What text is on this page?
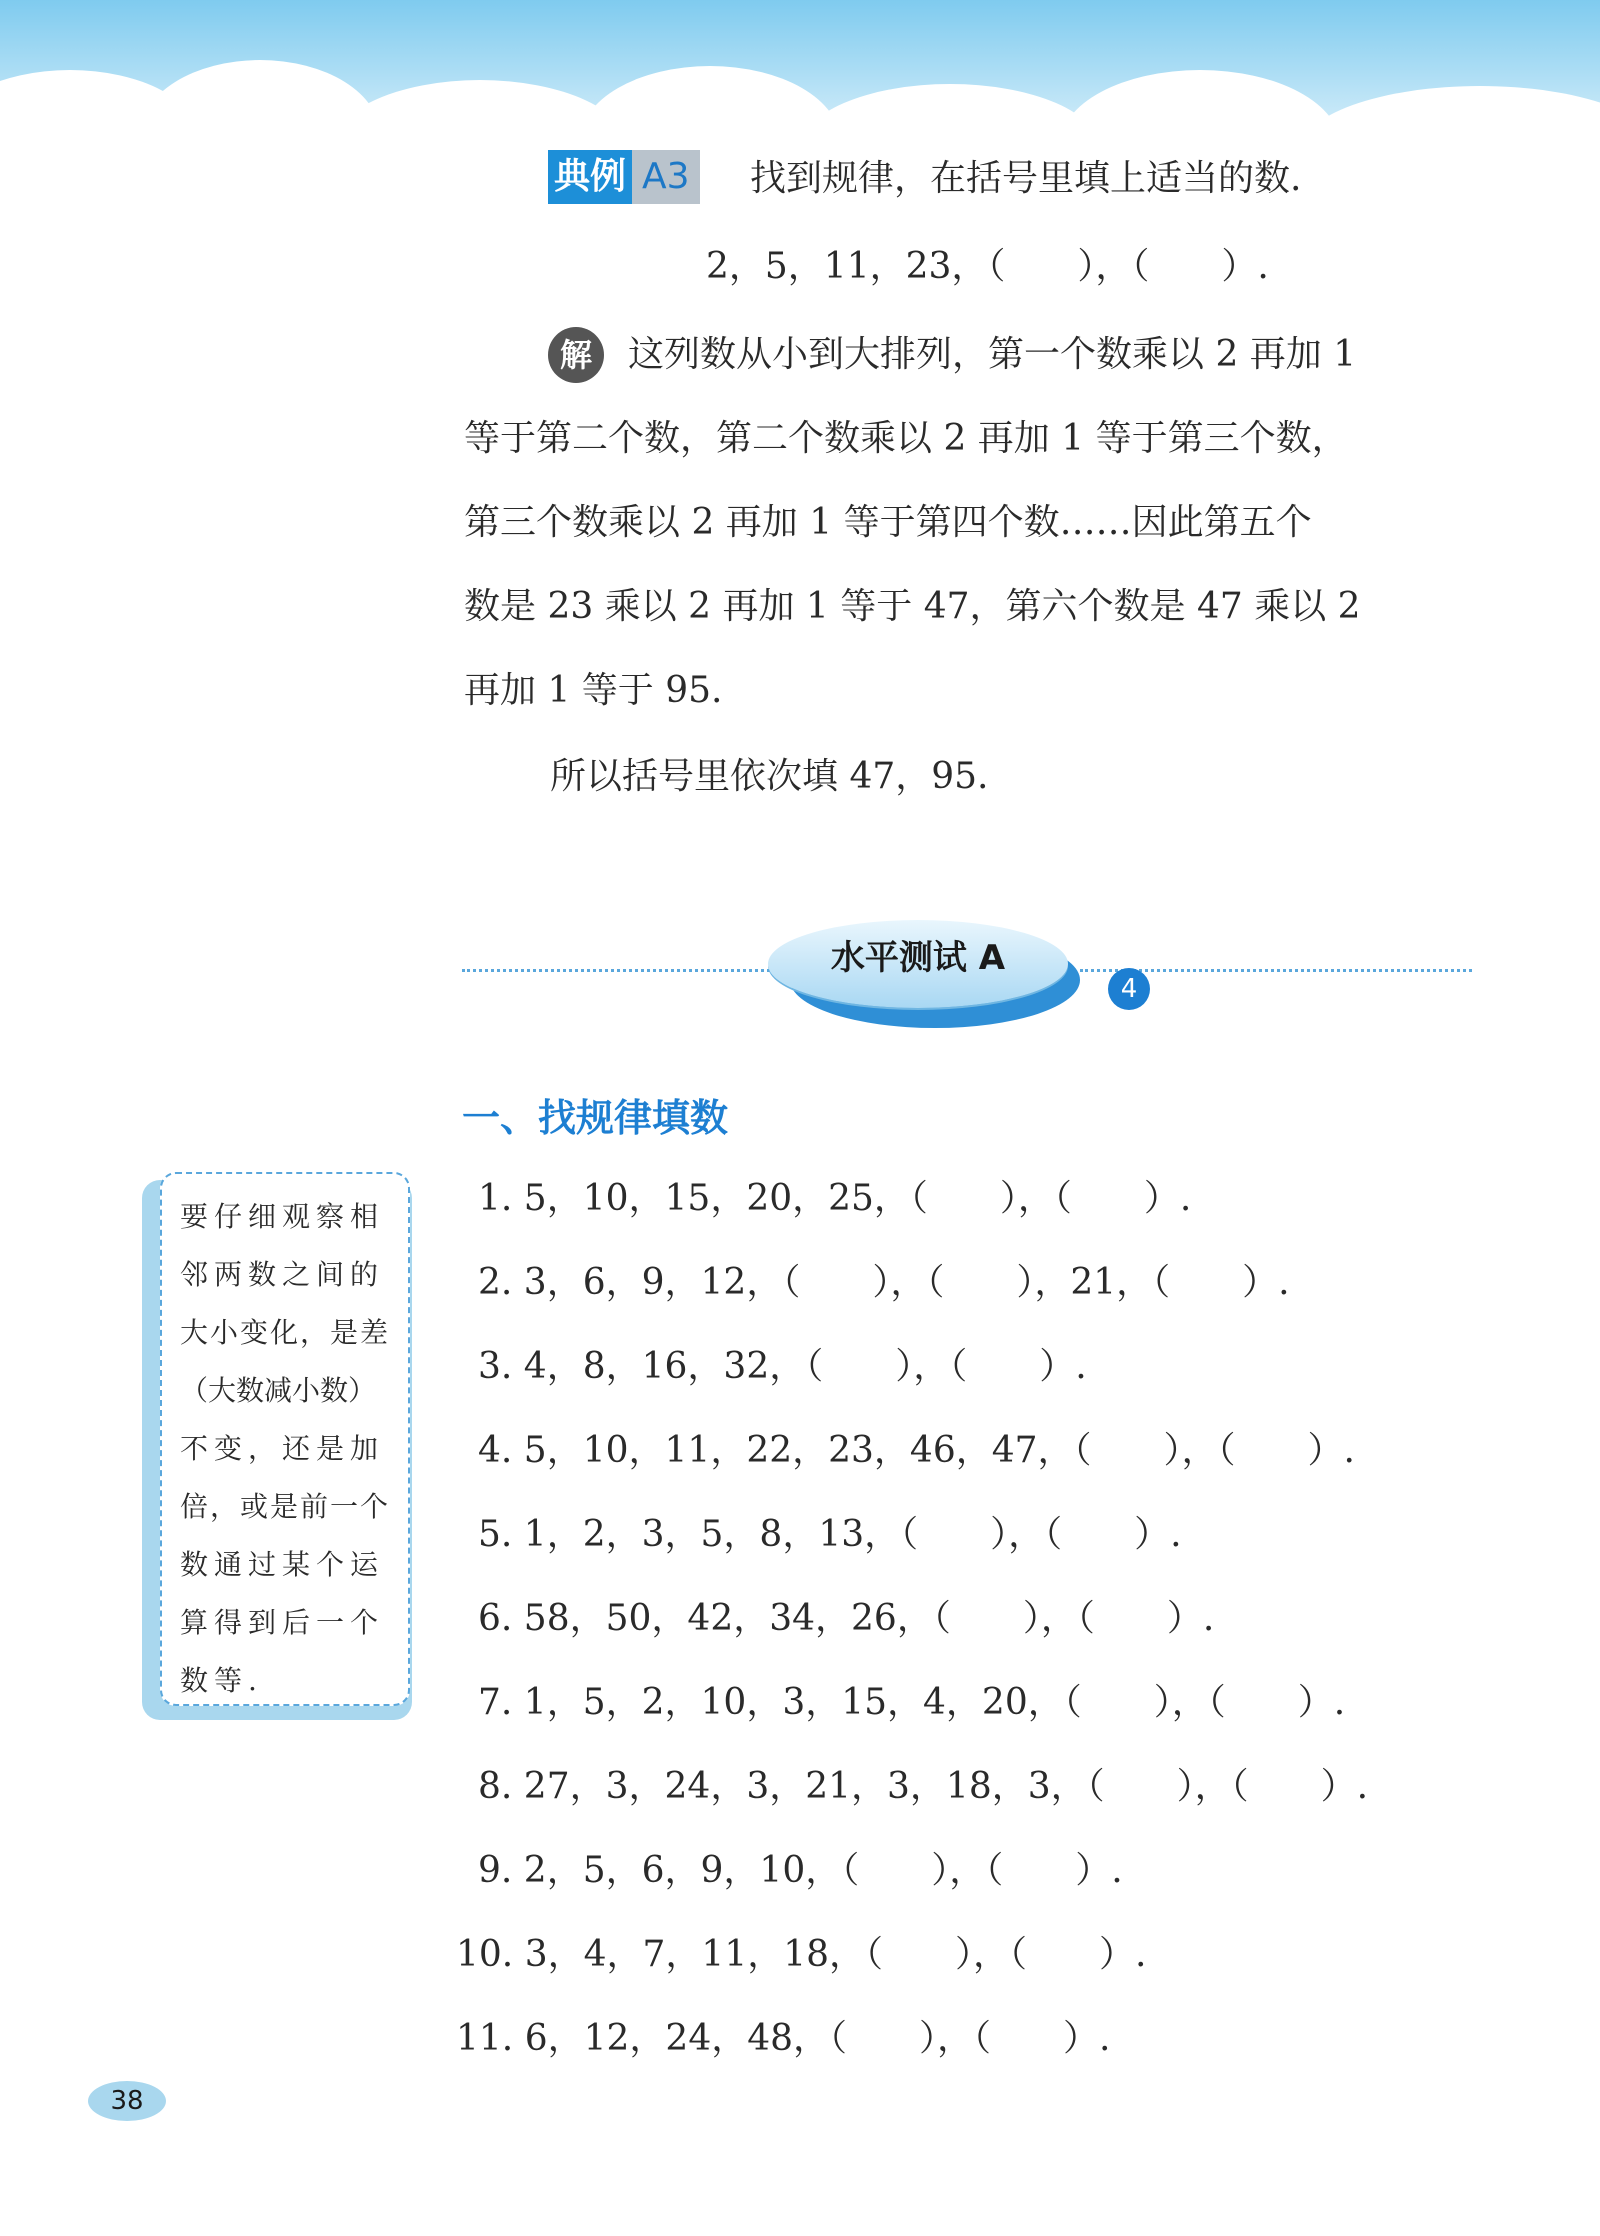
典例 A3 找到规律，在括号里填上适当的数.
2，5，11，23，（　　），（　　）.
解	这列数从小到大排列，第一个数乘以 2 再加 1
等于第二个数，第二个数乘以 2 再加 1 等于第三个数，
第三个数乘以 2 再加 1 等于第四个数……因此第五个
数是 23 乘以 2 再加 1 等于 47，第六个数是 47 乘以 2
再加 1 等于 95.
所以括号里依次填 47，95.
水平测试 A
4
一、找规律填数
要仔细观察相
邻两数之间的
大小变化，是差
（大数减小数）
不变，还是加
倍，或是前一个
数通过某个运
算得到后一个
数等.
1. 5，10，15，20，25，（　　），（　　）.
2. 3，6，9，12，（　　），（　　），21，（　　）.
3. 4，8，16，32，（　　），（　　）.
4. 5，10，11，22，23，46，47，（　　），（　　）.
5. 1，2，3，5，8，13，（　　），（　　）.
6. 58，50，42，34，26，（　　），（　　）.
7. 1，5，2，10，3，15，4，20，（　　），（　　）.
8. 27，3，24，3，21，3，18，3，（　　），（　　）.
9. 2，5，6，9，10，（　　），（　　）.
10. 3，4，7，11，18，（　　），（　　）.
11. 6，12，24，48，（　　），（　　）.
38
